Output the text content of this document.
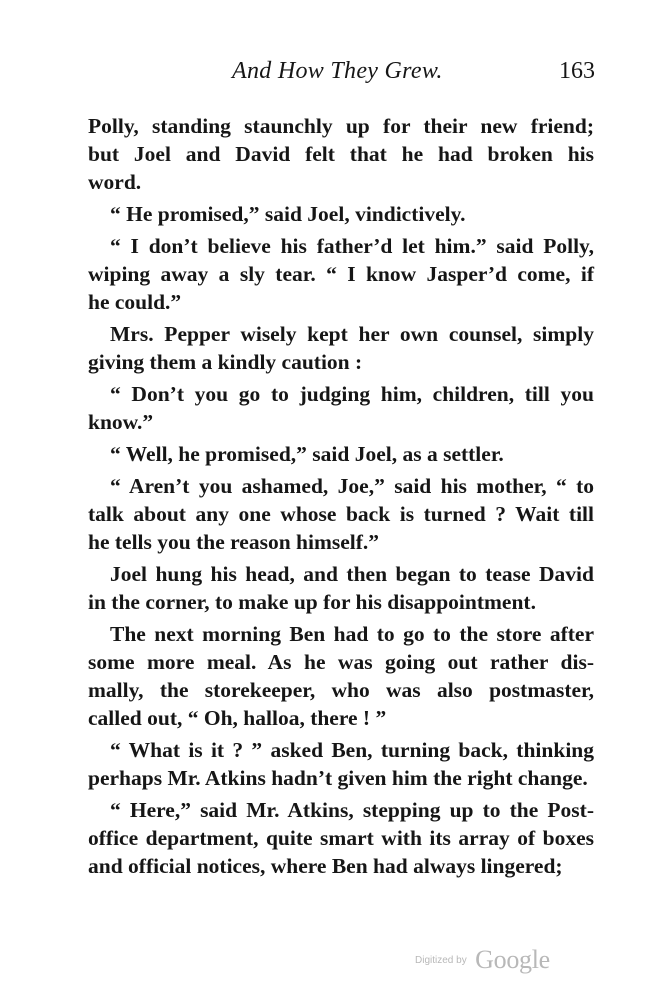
And How They Grew.	163
Polly, standing staunchly up for their new friend;
but Joel and David felt that he had broken his
word.
“ He promised,” said Joel, vindictively.
“ I don’t believe his father’d let him.” said Polly,
wiping away a sly tear. “ I know Jasper’d come, if
he could.”
Mrs. Pepper wisely kept her own counsel, simply
giving them a kindly caution :
“ Don’t you go to judging him, children, till you
know.”
“ Well, he promised,” said Joel, as a settler.
“ Aren’t you ashamed, Joe,” said his mother, “ to
talk about any one whose back is turned ? Wait till
he tells you the reason himself.”
Joel hung his head, and then began to tease David
in the corner, to make up for his disappointment.
The next morning Ben had to go to the store after
some more meal. As he was going out rather dis-
mally, the storekeeper, who was also postmaster,
called out, “ Oh, halloa, there ! ”
“ What is it ? ” asked Ben, turning back, thinking
perhaps Mr. Atkins hadn’t given him the right change.
“ Here,” said Mr. Atkins, stepping up to the Post-
office department, quite smart with its array of boxes
and official notices, where Ben had always lingered;
Digitized by Google
